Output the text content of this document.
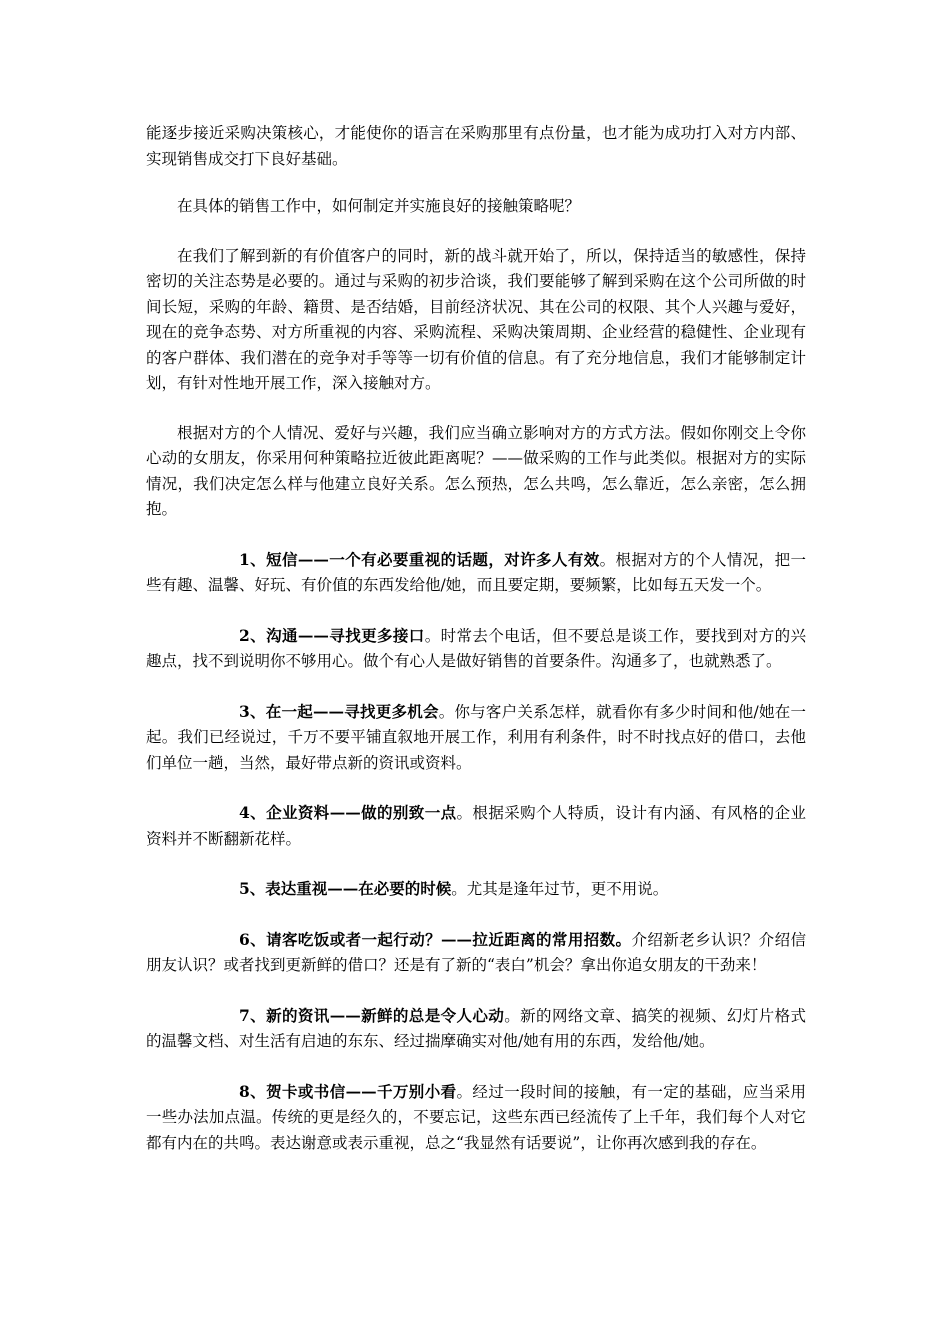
能逐步接近采购决策核心，才能使你的语言在采购那里有点份量，也才能为成功打入对方内部、实现销售成交打下良好基础。

在具体的销售工作中，如何制定并实施良好的接触策略呢？

在我们了解到新的有价值客户的同时，新的战斗就开始了，所以，保持适当的敏感性，保持密切的关注态势是必要的。通过与采购的初步洽谈，我们要能够了解到采购在这个公司所做的时间长短，采购的年龄、籍贯、是否结婚，目前经济状况、其在公司的权限、其个人兴趣与爱好，现在的竞争态势、对方所重视的内容、采购流程、采购决策周期、企业经营的稳健性、企业现有的客户群体、我们潜在的竞争对手等等一切有价值的信息。有了充分地信息，我们才能够制定计划，有针对性地开展工作，深入接触对方。

根据对方的个人情况、爱好与兴趣，我们应当确立影响对方的方式方法。假如你刚交上令你心动的女朋友，你采用何种策略拉近彼此距离呢？——做采购的工作与此类似。根据对方的实际情况，我们决定怎么样与他建立良好关系。怎么预热，怎么共鸣，怎么靠近，怎么亲密，怎么拥抱。

1、短信——一个有必要重视的话题，对许多人有效。根据对方的个人情况，把一些有趣、温馨、好玩、有价值的东西发给他/她，而且要定期，要频繁，比如每五天发一个。

2、沟通——寻找更多接口。时常去个电话，但不要总是谈工作，要找到对方的兴趣点，找不到说明你不够用心。做个有心人是做好销售的首要条件。沟通多了，也就熟悉了。

3、在一起——寻找更多机会。你与客户关系怎样，就看你有多少时间和他/她在一起。我们已经说过，千万不要平铺直叙地开展工作，利用有利条件，时不时找点好的借口，去他们单位一趟，当然，最好带点新的资讯或资料。

4、企业资料——做的别致一点。根据采购个人特质，设计有内涵、有风格的企业资料并不断翻新花样。

5、表达重视——在必要的时候。尤其是逢年过节，更不用说。

6、请客吃饭或者一起行动？——拉近距离的常用招数。介绍新老乡认识？介绍信朋友认识？或者找到更新鲜的借口？还是有了新的“表白”机会？拿出你追女朋友的干劲来！

7、新的资讯——新鲜的总是令人心动。新的网络文章、搞笑的视频、幻灯片格式的温馨文档、对生活有启迪的东东、经过揣摩确实对他/她有用的东西，发给他/她。

8、贺卡或书信——千万别小看。经过一段时间的接触，有一定的基础，应当采用一些办法加点温。传统的更是经久的，不要忘记，这些东西已经流传了上千年，我们每个人对它都有内在的共鸣。表达谢意或表示重视，总之“我显然有话要说”，让你再次感到我的存在。
